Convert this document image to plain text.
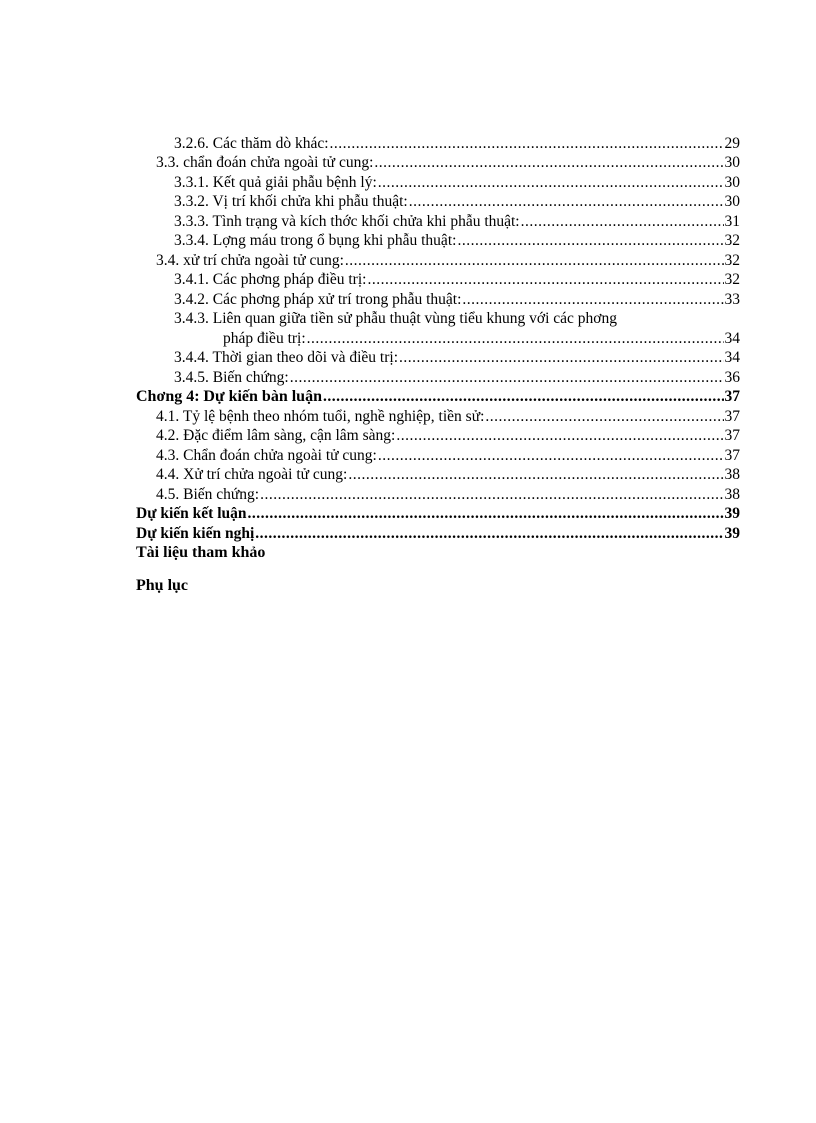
3.2.6. Các thăm dò khác: .....	29
3.3. chẩn đoán chửa ngoài tử cung: .....	30
3.3.1. Kết quả giải phẫu bệnh lý: .....	30
3.3.2. Vị trí khối chửa khi phẫu thuật: .....	30
3.3.3. Tình trạng và kích thớc khối chửa khi phẫu thuật: .....	31
3.3.4. Lợng máu trong ổ bụng khi phẫu thuật: .....	32
3.4. xử trí chửa ngoài tử cung: .....	32
3.4.1. Các phơng pháp điều trị: .....	32
3.4.2. Các phơng pháp xử trí trong phẫu thuật: .....	33
3.4.3. Liên quan giữa tiền sử phẫu thuật vùng tiểu khung với các phơng
pháp điều trị: .....	34
3.4.4. Thời gian theo dõi và điều trị: .....	34
3.4.5. Biến chứng: .....	36
Chơng 4: Dự kiến bàn luận .....	37
4.1. Tỷ lệ bệnh theo nhóm tuổi, nghề nghiệp, tiền sử: .....	37
4.2. Đặc điểm lâm sàng, cận lâm sàng: .....	37
4.3. Chẩn đoán chửa ngoài tử cung: .....	37
4.4. Xử trí chửa ngoài tử cung: .....	38
4.5. Biến chứng: .....	38
Dự kiến kết luận .....	39
Dự kiến kiến nghị .....	39
Tài liệu tham khảo
Phụ lục
